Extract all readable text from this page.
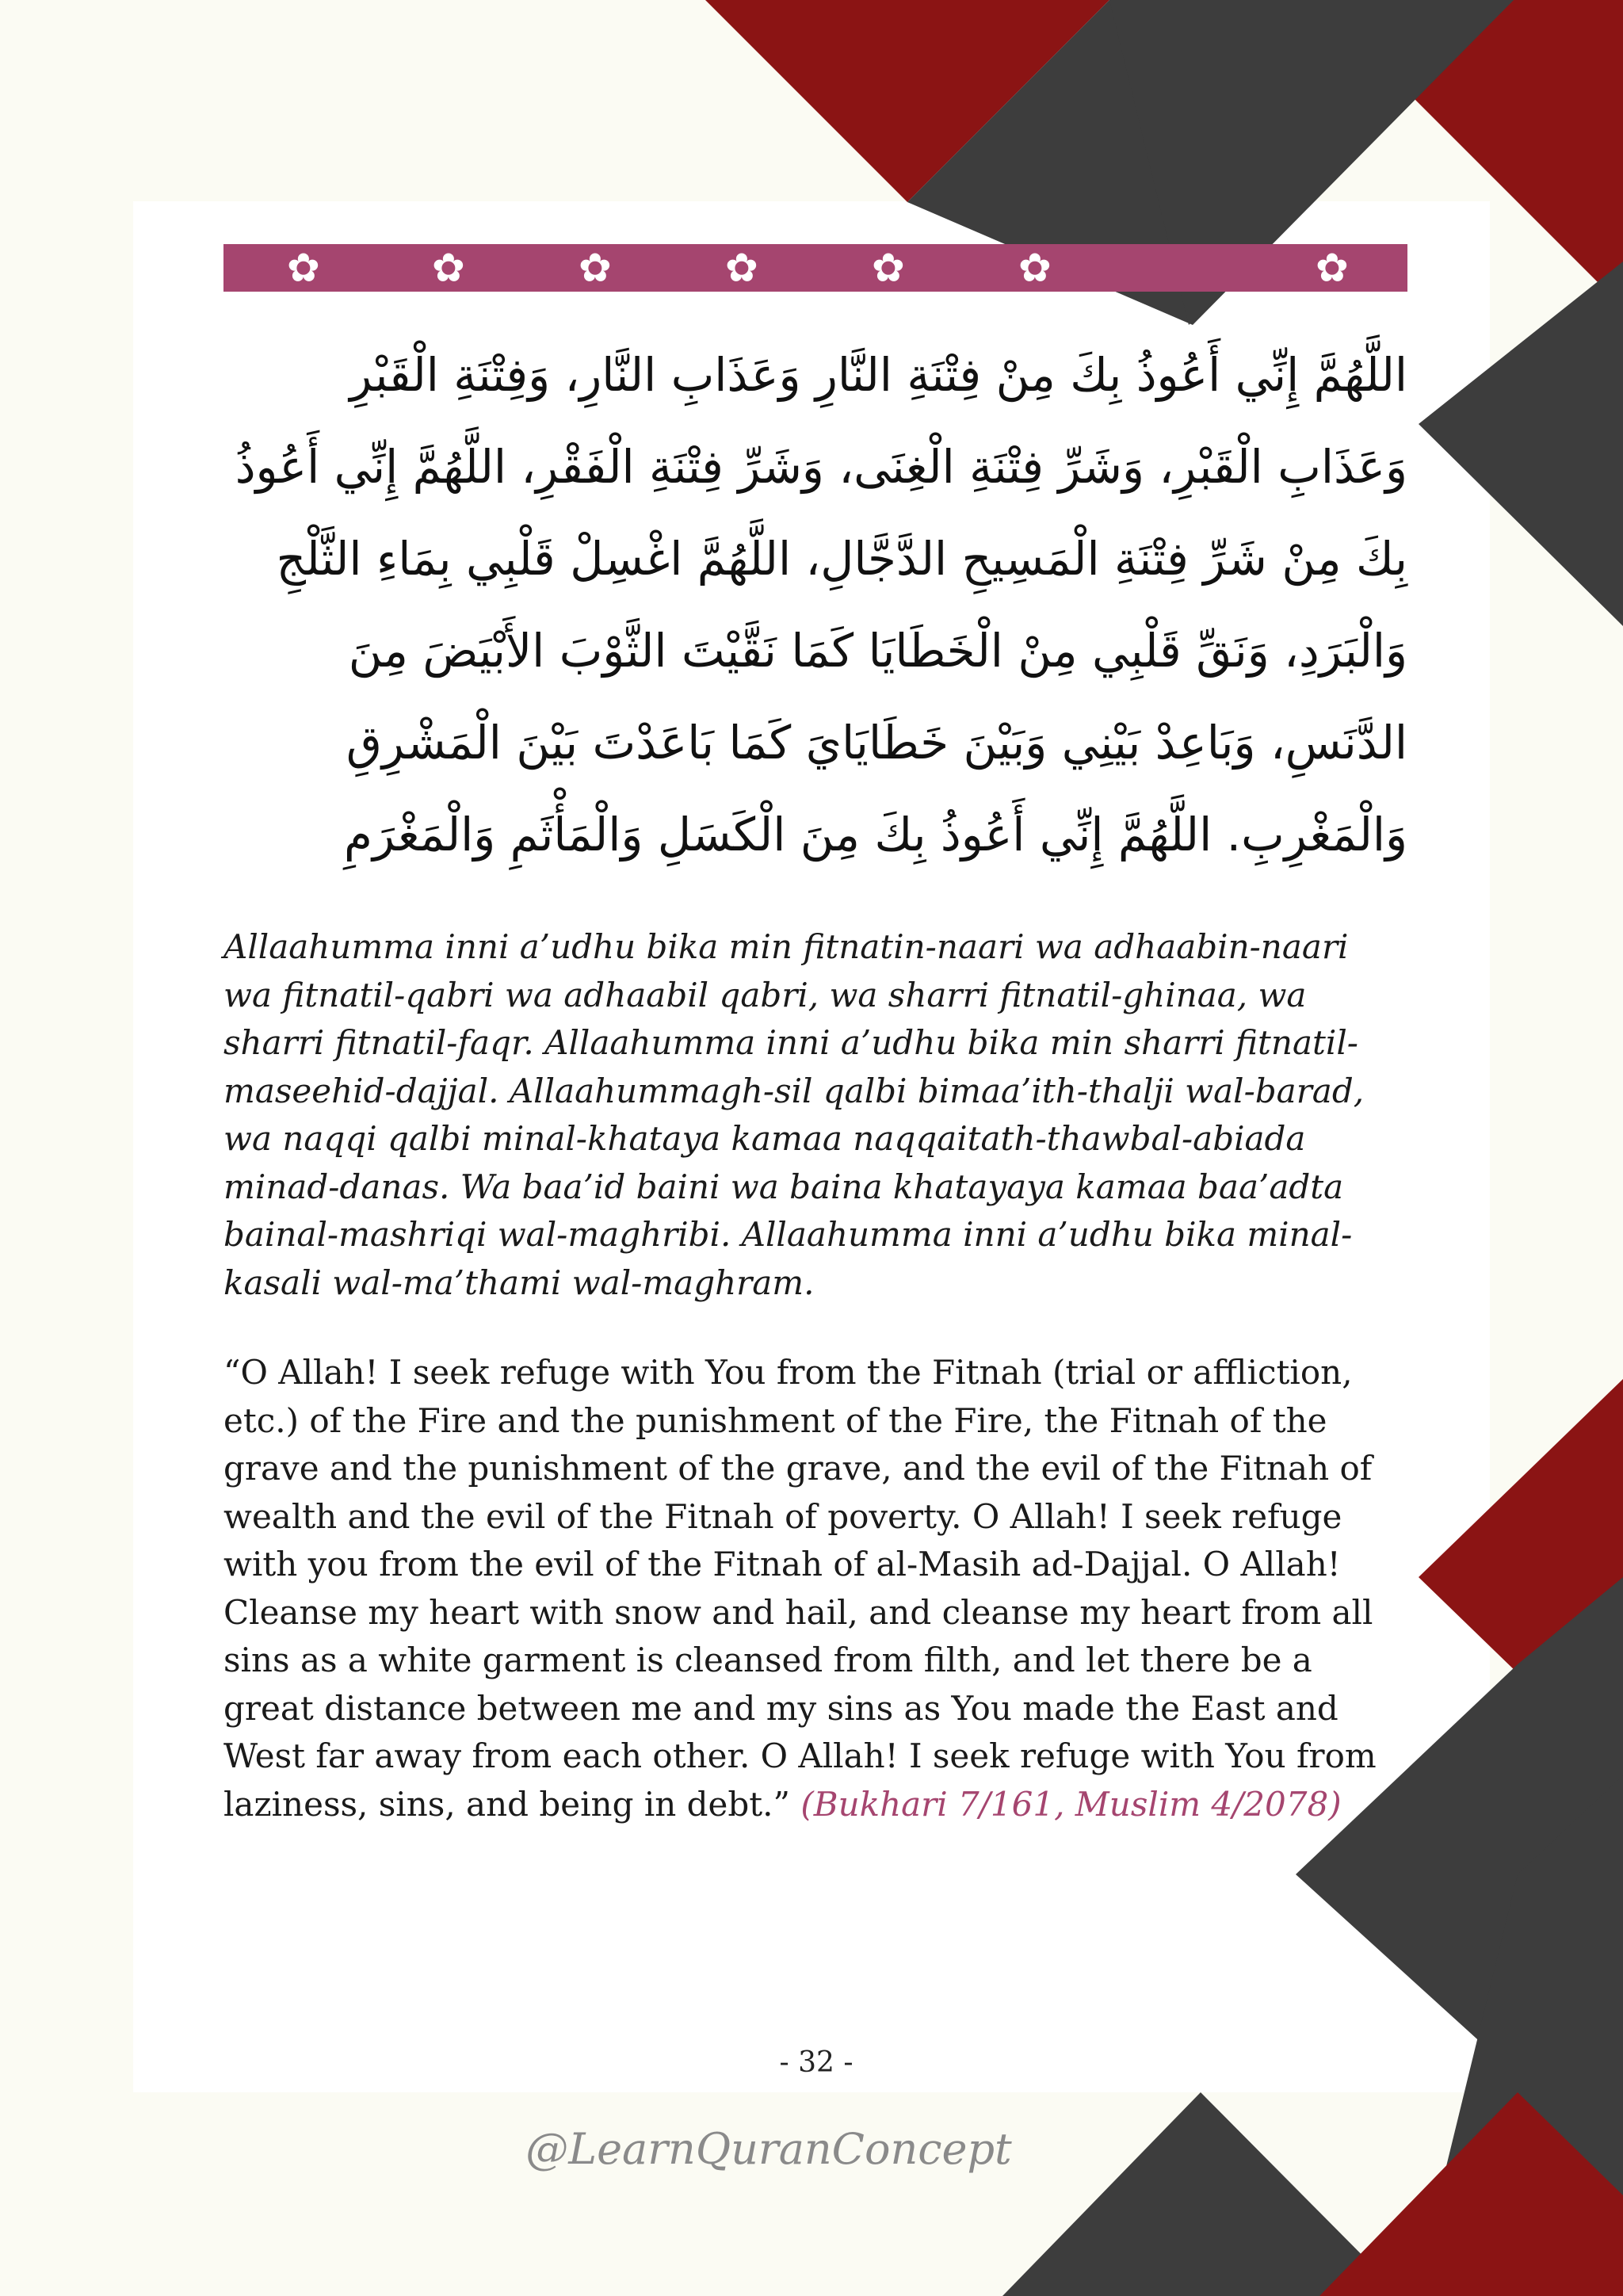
✿	✿	✿	✿	✿	✿	✿
اللَّهُمَّ إِنِّي أَعُوذُ بِكَ مِنْ فِتْنَةِ النَّارِ وَعَذَابِ النَّارِ، وَفِتْنَةِ الْقَبْرِ
وَعَذَابِ الْقَبْرِ، وَشَرِّ فِتْنَةِ الْغِنَى، وَشَرِّ فِتْنَةِ الْفَقْرِ، اللَّهُمَّ إِنِّي أَعُوذُ
بِكَ مِنْ شَرِّ فِتْنَةِ الْمَسِيحِ الدَّجَّالِ، اللَّهُمَّ اغْسِلْ قَلْبِي بِمَاءِ الثَّلْجِ
وَالْبَرَدِ، وَنَقِّ قَلْبِي مِنْ الْخَطَايَا كَمَا نَقَّيْتَ الثَّوْبَ الأَبْيَضَ مِنَ
الدَّنَسِ، وَبَاعِدْ بَيْنِي وَبَيْنَ خَطَايَايَ كَمَا بَاعَدْتَ بَيْنَ الْمَشْرِقِ
وَالْمَغْرِبِ. اللَّهُمَّ إِنِّي أَعُوذُ بِكَ مِنَ الْكَسَلِ وَالْمَأْثَمِ وَالْمَغْرَمِ
Allaahumma inni a’udhu bika min fitnatin-naari wa adhaabin-naari
wa fitnatil-qabri wa adhaabil qabri, wa sharri fitnatil-ghinaa, wa
sharri fitnatil-faqr. Allaahumma inni a’udhu bika min sharri fitnatil-
maseehid-dajjal. Allaahummagh-sil qalbi bimaa’ith-thalji wal-barad,
wa naqqi qalbi minal-khataya kamaa naqqaitath-thawbal-abiada
minad-danas. Wa baa’id baini wa baina khatayaya kamaa baa’adta
bainal-mashriqi wal-maghribi. Allaahumma inni a’udhu bika minal-
kasali wal-ma’thami wal-maghram.
“O Allah! I seek refuge with You from the Fitnah (trial or affliction,
etc.) of the Fire and the punishment of the Fire, the Fitnah of the
grave and the punishment of the grave, and the evil of the Fitnah of
wealth and the evil of the Fitnah of poverty. O Allah! I seek refuge
with you from the evil of the Fitnah of al-Masih ad-Dajjal. O Allah!
Cleanse my heart with snow and hail, and cleanse my heart from all
sins as a white garment is cleansed from filth, and let there be a
great distance between me and my sins as You made the East and
West far away from each other. O Allah! I seek refuge with You from
laziness, sins, and being in debt.” (Bukhari 7/161, Muslim 4/2078)
- 32 -
@LearnQuranConcept
